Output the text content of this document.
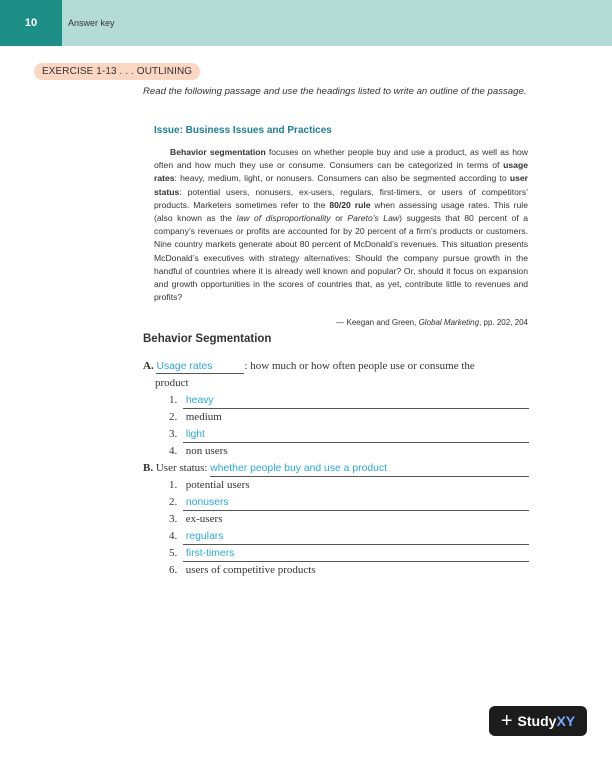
10	Answer key
EXERCISE 1-13 . . . OUTLINING
Read the following passage and use the headings listed to write an outline of the passage.
Issue: Business Issues and Practices

Behavior segmentation focuses on whether people buy and use a product, as well as how often and how much they use or consume. Consumers can be categorized in terms of usage rates: heavy, medium, light, or nonusers. Consumers can also be segmented according to user status: potential users, nonusers, ex-users, regulars, first-timers, or users of competitors’ products. Marketers sometimes refer to the 80/20 rule when assessing usage rates. This rule (also known as the law of disproportionality or Pareto’s Law) suggests that 80 percent of a company’s revenues or profits are accounted for by 20 percent of a firm’s products or customers. Nine country markets generate about 80 percent of McDonald’s revenues. This situation presents McDonald’s executives with strategy alternatives: Should the company pursue growth in the handful of countries where it is already well known and popular? Or, should it focus on expansion and growth opportunities in the scores of countries that, as yet, contribute little to revenues and profits?

— Keegan and Green, Global Marketing, pp. 202, 204
Behavior Segmentation
A. Usage rates	: how much or how often people use or consume the
product
1. heavy
2. medium
3. light
4. non users
B.
User status:
whether people buy and use a product
1. potential users
2. nonusers
3. ex-users
4. regulars
5. first-timers
6. users of competitive products
+ Study XY
